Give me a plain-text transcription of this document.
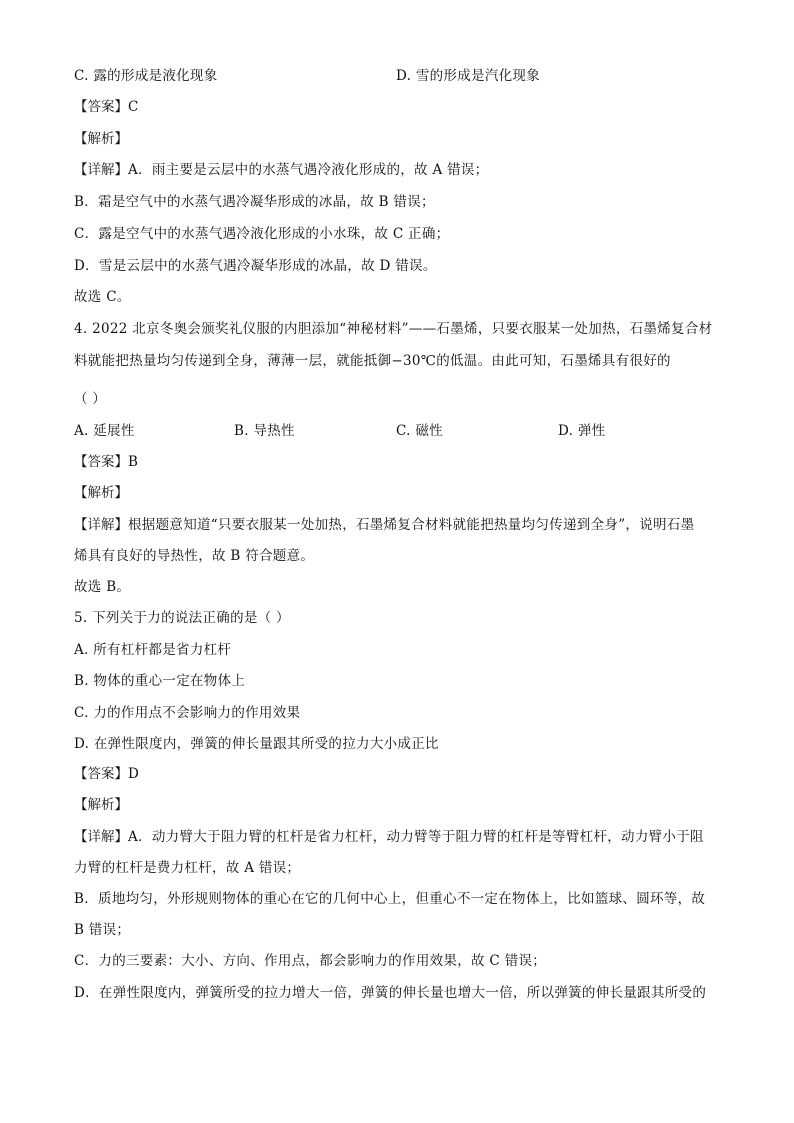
C. 露的形成是液化现象	D. 雪的形成是汽化现象
【答案】C
【解析】
【详解】A．雨主要是云层中的水蒸气遇冷液化形成的，故 A 错误；
B．霜是空气中的水蒸气遇冷凝华形成的冰晶，故 B 错误；
C．露是空气中的水蒸气遇冷液化形成的小水珠，故 C 正确；
D．雪是云层中的水蒸气遇冷凝华形成的冰晶，故 D 错误。
故选 C。
4. 2022 北京冬奥会颁奖礼仪服的内胆添加“神秘材料”——石墨烯，只要衣服某一处加热，石墨烯复合材
料就能把热量均匀传递到全身，薄薄一层，就能抵御−30℃的低温。由此可知，石墨烯具有很好的
（ ）
A. 延展性	B. 导热性	C. 磁性	D. 弹性
【答案】B
【解析】
【详解】根据题意知道“只要衣服某一处加热，石墨烯复合材料就能把热量均匀传递到全身”，说明石墨
烯具有良好的导热性，故 B 符合题意。
故选 B。
5. 下列关于力的说法正确的是（ ）
A. 所有杠杆都是省力杠杆
B. 物体的重心一定在物体上
C. 力的作用点不会影响力的作用效果
D. 在弹性限度内，弹簧的伸长量跟其所受的拉力大小成正比
【答案】D
【解析】
【详解】A．动力臂大于阻力臂的杠杆是省力杠杆，动力臂等于阻力臂的杠杆是等臂杠杆，动力臂小于阻
力臂的杠杆是费力杠杆，故 A 错误；
B．质地均匀，外形规则物体的重心在它的几何中心上，但重心不一定在物体上，比如篮球、圆环等，故
B 错误；
C．力的三要素：大小、方向、作用点，都会影响力的作用效果，故 C 错误；
D．在弹性限度内，弹簧所受的拉力增大一倍，弹簧的伸长量也增大一倍，所以弹簧的伸长量跟其所受的
